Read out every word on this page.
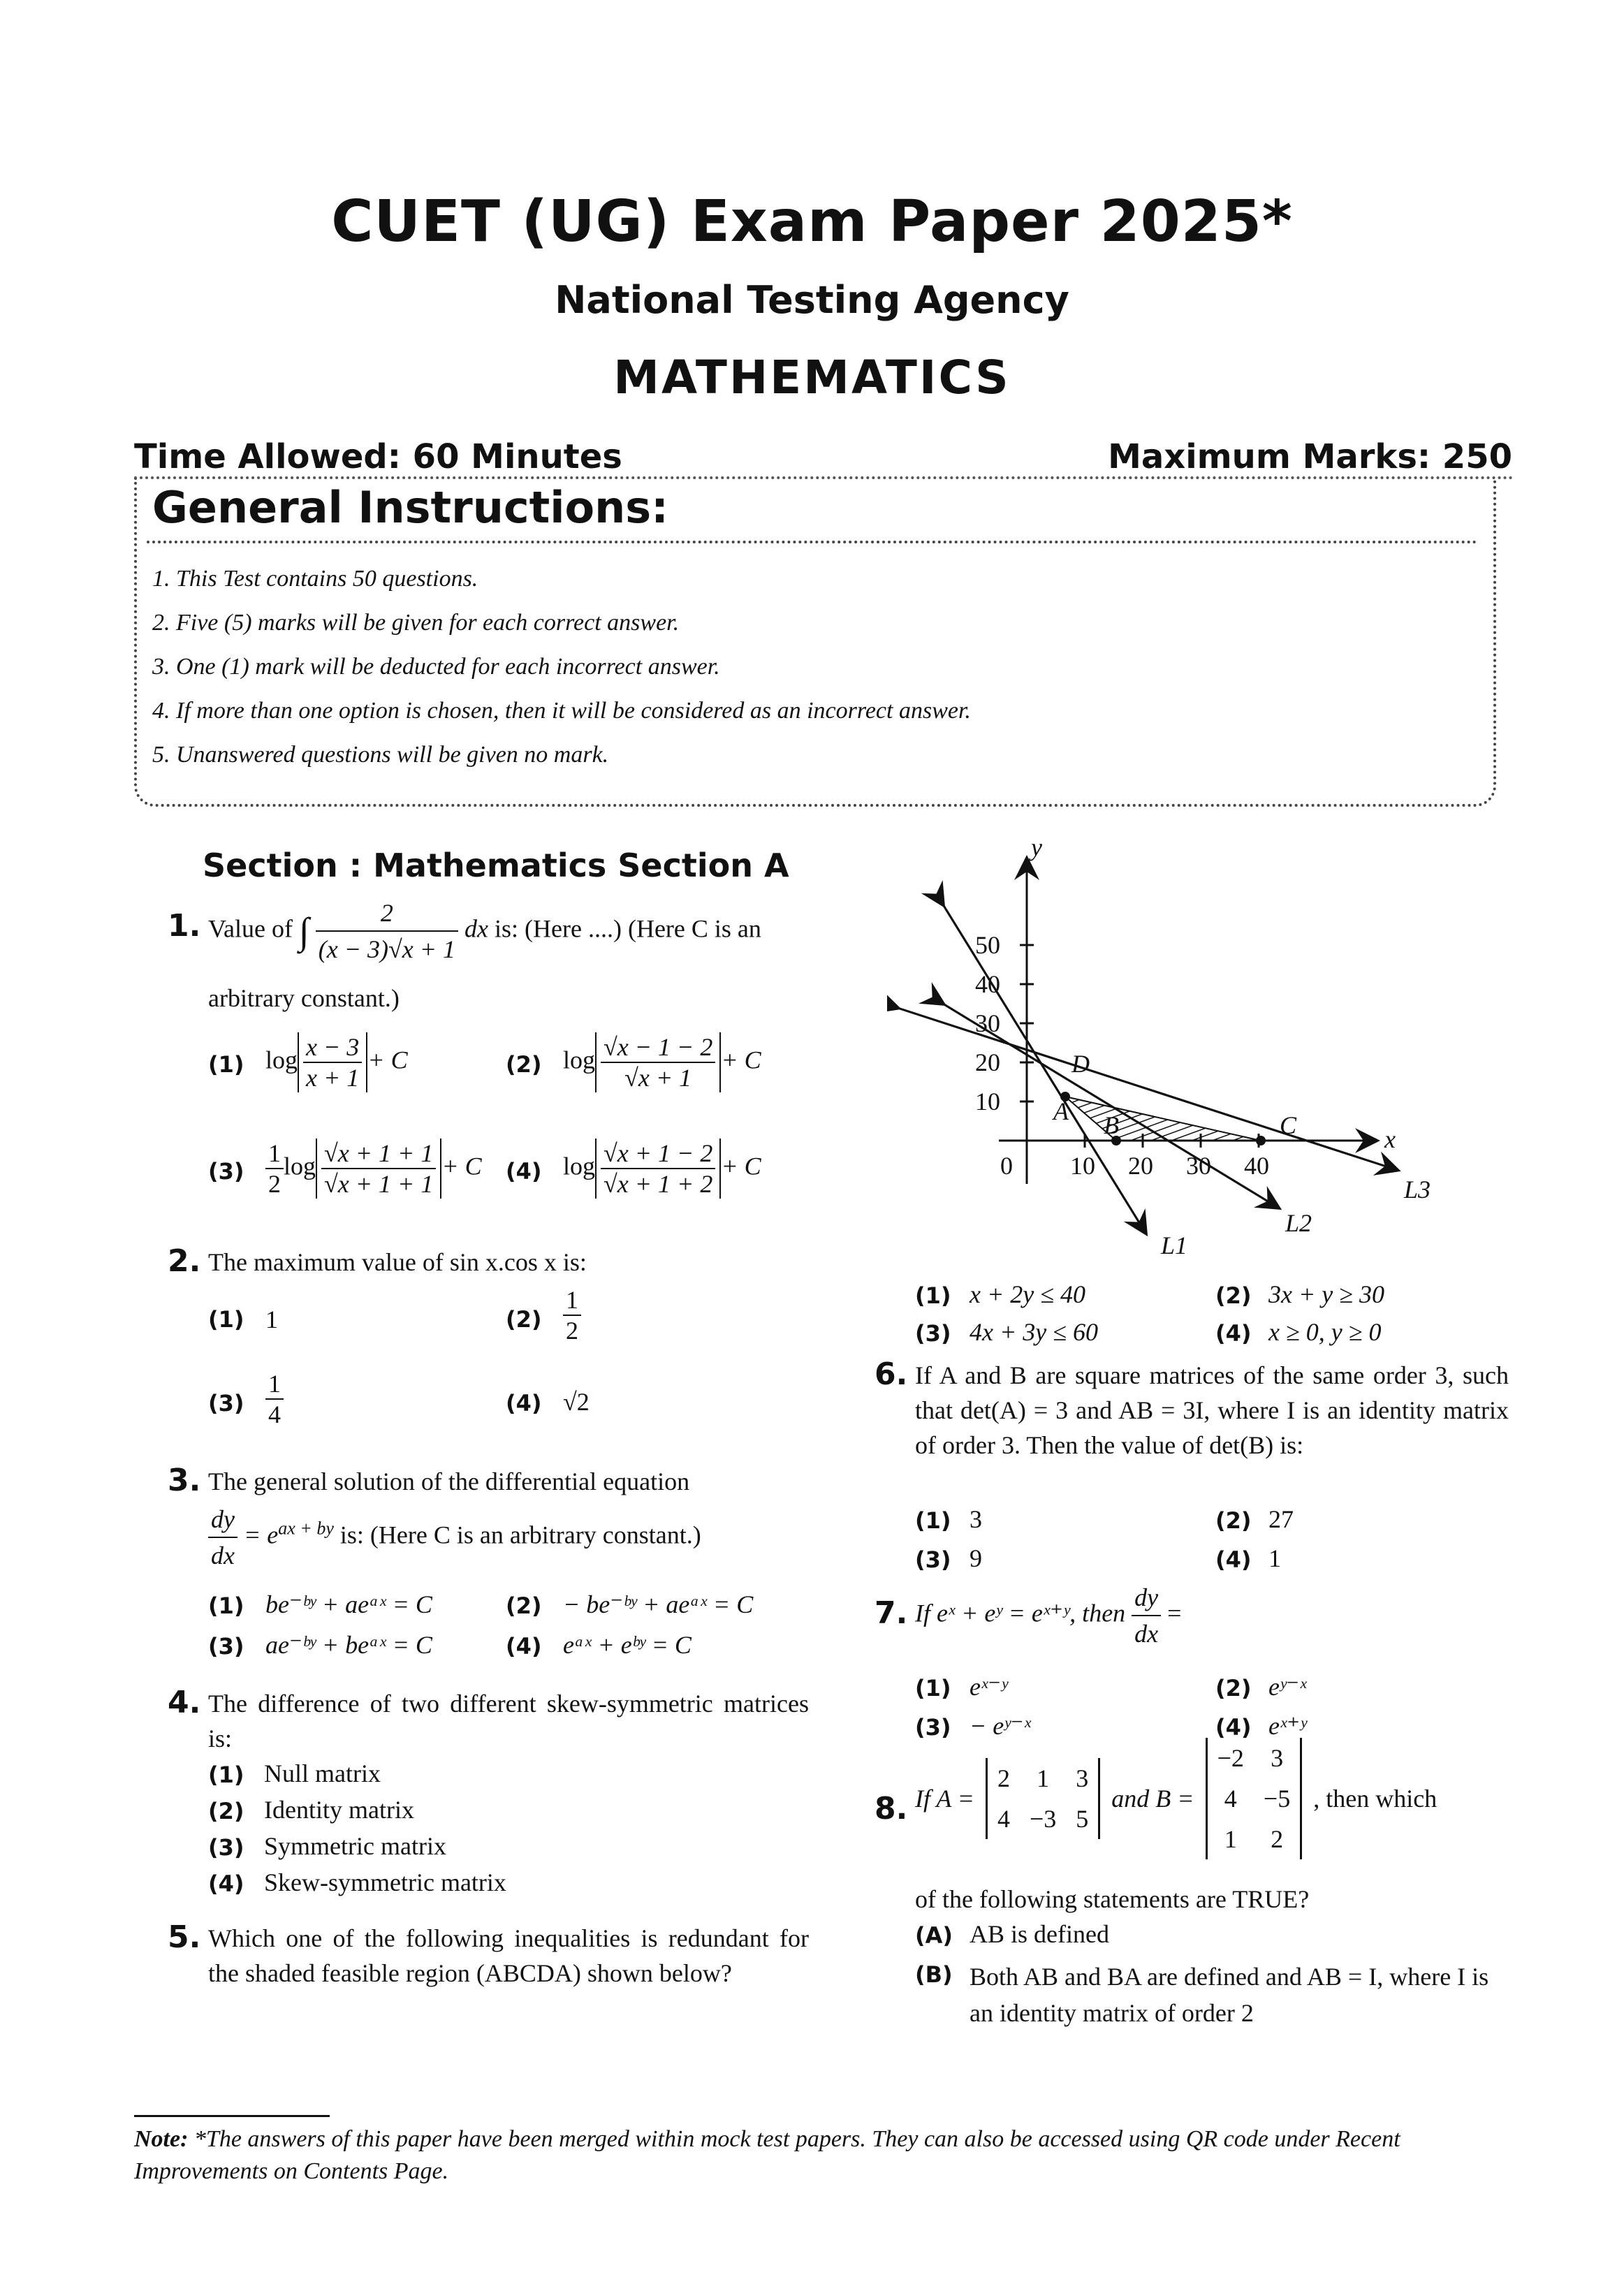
CUET (UG) Exam Paper 2025*
National Testing Agency
MATHEMATICS
Time Allowed: 60 Minutes	Maximum Marks: 250
General Instructions:
1. This Test contains 50 questions.
2. Five (5) marks will be given for each correct answer.
3. One (1) mark will be deducted for each incorrect answer.
4. If more than one option is chosen, then it will be considered as an incorrect answer.
5. Unanswered questions will be given no mark.
Section : Mathematics Section A
1. Value of ∫ $\frac{2}{(x - 3)√x + 1}$ dx is: (Here ....) (Here C is an
arbitrary constant.)
(1) $\log \frac{x - 3}{x + 1} + C$	(2) $\log \frac{√x - 1 - 2}{√x + 1} + C$
$(3) \frac{1}{2}$ $\log \frac{√x + 1 + 1}{√x + 1 + 1} + C$ (4) $\log \frac{√x + 1 - 2}{√x + 1 + 2} + C$
2. The maximum value of sin x.cos x is:
(1) 1	$(2) \frac{1}{2}$
$(3) \frac{1}{4}$	(4) √2
3. The general solution of the differential equation
$\frac{dy}{dx} = e^{ax + by}$ is: (Here C is an arbitrary constant.)
(1) be⁻ᵇʸ + aeᵃˣ = C	(2) − be⁻ᵇʸ + aeᵃˣ = C
(3) ae⁻ᵇʸ + beᵃˣ = C	(4) eᵃˣ + eᵇʸ = C
4. The difference of two different skew-symmetric matrices is:
(1) Null matrix
(2) Identity matrix
(3) Symmetric matrix
(4) Skew-symmetric matrix
5. Which one of the following inequalities is redundant for the shaded feasible region (ABCDA) shown below?
y
x
10
20
30
40
50
0 10 20 30 40
A B	C
D
L1
L2
L3
(1) x + 2y ≤ 40	(2) 3x + y ≥ 30
(3) 4x + 3y ≤ 60	(4) x ≥ 0, y ≥ 0
6. If A and B are square matrices of the same order 3, such that det(A) = 3 and AB = 3I, where I is an identity matrix of order 3. Then the value of det(B) is:
(1) 3	(2) 27
(3) 9	(4) 1
7. If eˣ + eʸ = eˣ⁺ʸ, then $\frac{dy}{dx}$ =
(1) eˣ⁻ʸ	(2) eʸ⁻ˣ
(3) − eʸ⁻ˣ	(4) eˣ⁺ʸ
8. If A =
2 1 3
4 −3 5
and B =
−2 3
4 −5
1 2
, then which
of the following statements are TRUE?
(A) AB is defined
(B) Both AB and BA are defined and AB = I, where I is an identity matrix of order 2
Note: *The answers of this paper have been merged within mock test papers. They can also be accessed using QR code under Recent Improvements on Contents Page.
